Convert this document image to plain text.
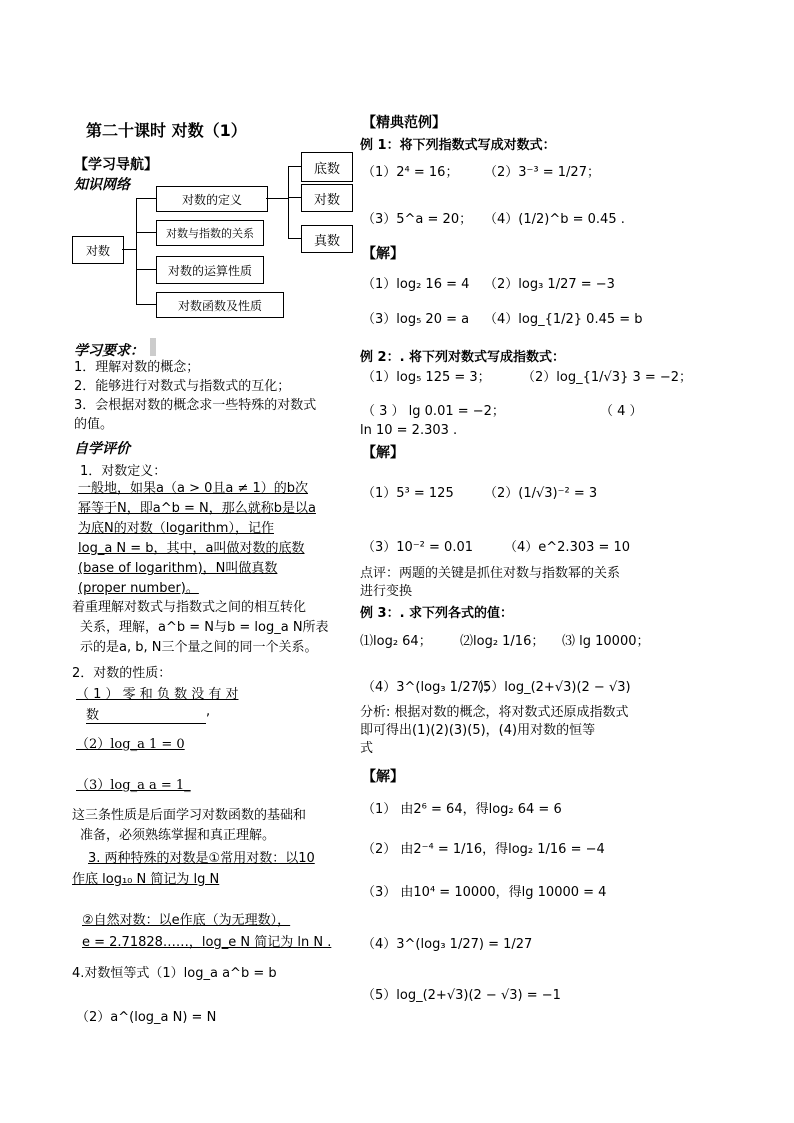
第二十课时 对数（1）
【学习导航】
知识网络
对数
对数的定义
对数与指数的关系
对数的运算性质
对数函数及性质
底数
对数
真数
学习要求：
1．理解对数的概念；
2．能够进行对数式与指数式的互化；
3．会根据对数的概念求一些特殊的对数式
的值。
自学评价
1．对数定义：
一般地，如果a（a > 0且a ≠ 1）的b次
幂等于N，即a^b = N，那么就称b是以a
为底N的对数（logarithm），记作
log_a N = b，其中，a叫做对数的底数
(base of logarithm)，N叫做真数
(proper number)。
着重理解对数式与指数式之间的相互转化
关系，理解，a^b = N与b = log_a N所表
示的是a, b, N三个量之间的同一个关系。
2．对数的性质：
（ 1 ） 零 和 负 数 没 有 对
数	,
（2）log_a 1 = 0
（3）log_a a = 1_
这三条性质是后面学习对数函数的基础和
准备，必须熟练掌握和真正理解。
3. 两种特殊的对数是①常用对数：以10
作底 log₁₀ N 简记为 lg N
②自然对数：以e作底（为无理数），
e = 2.71828……，log_e N 简记为 ln N .
4.对数恒等式（1）log_a a^b = b
（2）a^(log_a N) = N
【精典范例】
例 1：将下列指数式写成对数式：
（1）2⁴ = 16； （2）3⁻³ = 1/27；
（3）5^a = 20； （4）(1/2)^b = 0.45 .
【解】
（1）log₂ 16 = 4 （2）log₃ 1/27 = −3
（3）log₅ 20 = a （4）log_{1/2} 0.45 = b
例 2：. 将下列对数式写成指数式：
（1）log₅ 125 = 3； （2）log_{1/√3} 3 = −2；
（ 3 ） lg 0.01 = −2；	（ 4 ）
ln 10 = 2.303 .
【解】
（1）5³ = 125 （2）(1/√3)⁻² = 3
（3）10⁻² = 0.01 （4）e^2.303 = 10
点评：两题的关键是抓住对数与指数幂的关系
进行变换
例 3：. 求下列各式的值：
⑴log₂ 64； ⑵log₂ 1/16； ⑶ lg 10000；
（4）3^(log₃ 1/27)；
（5）log_(2+√3)(2 − √3)
分析: 根据对数的概念，将对数式还原成指数式
即可得出(1)(2)(3)(5)，(4)用对数的恒等
式
【解】
（1） 由2⁶ = 64，得log₂ 64 = 6
（2） 由2⁻⁴ = 1/16，得log₂ 1/16 = −4
（3） 由10⁴ = 10000，得lg 10000 = 4
（4）3^(log₃ 1/27) = 1/27
（5）log_(2+√3)(2 − √3) = −1
